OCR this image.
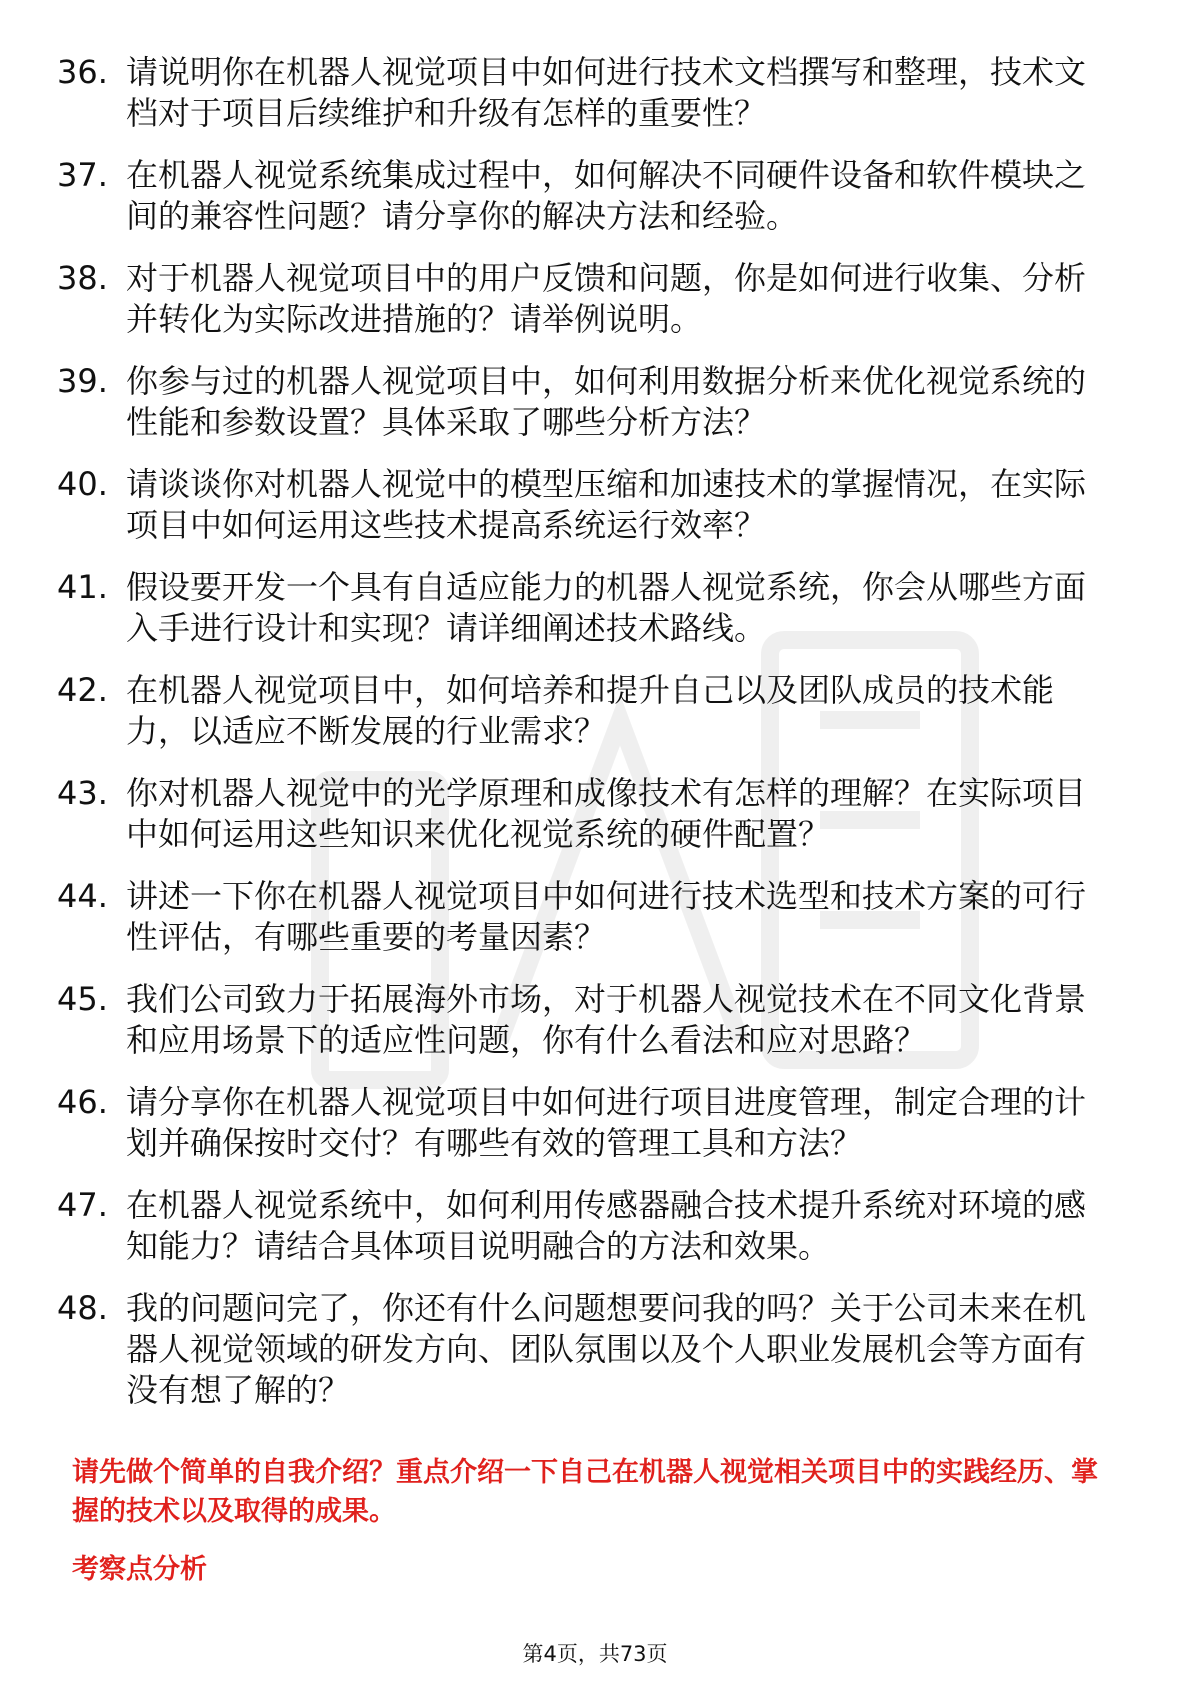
36. 请说明你在机器人视觉项目中如何进行技术文档撰写和整理，技术文档对于项目后续维护和升级有怎样的重要性？
37. 在机器人视觉系统集成过程中，如何解决不同硬件设备和软件模块之间的兼容性问题？请分享你的解决方法和经验。
38. 对于机器人视觉项目中的用户反馈和问题，你是如何进行收集、分析并转化为实际改进措施的？请举例说明。
39. 你参与过的机器人视觉项目中，如何利用数据分析来优化视觉系统的性能和参数设置？具体采取了哪些分析方法？
40. 请谈谈你对机器人视觉中的模型压缩和加速技术的掌握情况，在实际项目中如何运用这些技术提高系统运行效率？
41. 假设要开发一个具有自适应能力的机器人视觉系统，你会从哪些方面入手进行设计和实现？请详细阐述技术路线。
42. 在机器人视觉项目中，如何培养和提升自己以及团队成员的技术能力，以适应不断发展的行业需求？
43. 你对机器人视觉中的光学原理和成像技术有怎样的理解？在实际项目中如何运用这些知识来优化视觉系统的硬件配置？
44. 讲述一下你在机器人视觉项目中如何进行技术选型和技术方案的可行性评估，有哪些重要的考量因素？
45. 我们公司致力于拓展海外市场，对于机器人视觉技术在不同文化背景和应用场景下的适应性问题，你有什么看法和应对思路？
46. 请分享你在机器人视觉项目中如何进行项目进度管理，制定合理的计划并确保按时交付？有哪些有效的管理工具和方法？
47. 在机器人视觉系统中，如何利用传感器融合技术提升系统对环境的感知能力？请结合具体项目说明融合的方法和效果。
48. 我的问题问完了，你还有什么问题想要问我的吗？关于公司未来在机器人视觉领域的研发方向、团队氛围以及个人职业发展机会等方面有没有想了解的？
请先做个简单的自我介绍？重点介绍一下自己在机器人视觉相关项目中的实践经历、掌握的技术以及取得的成果。
考察点分析
第4页，共73页
